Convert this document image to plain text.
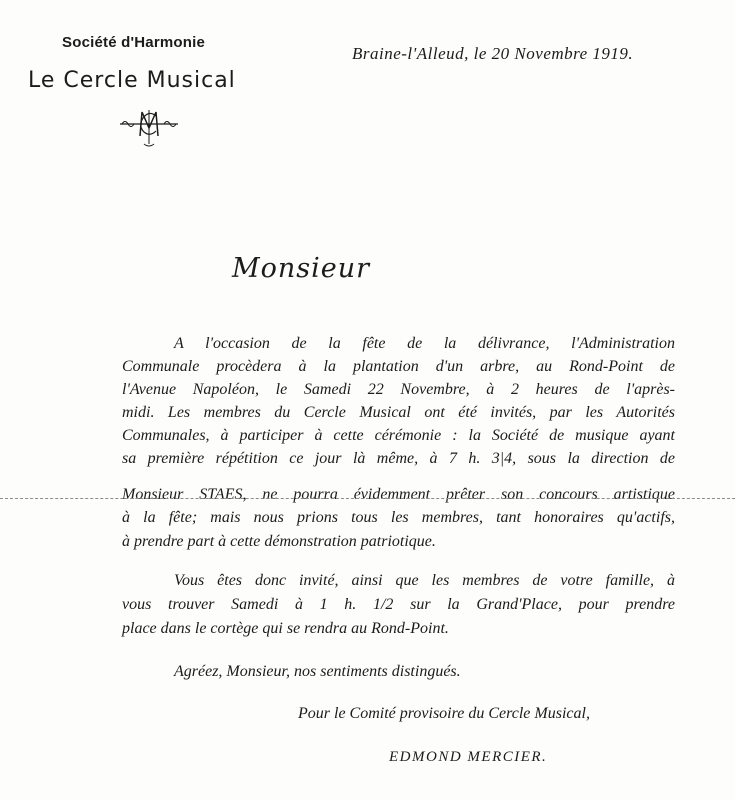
Société d'Harmonie
Le Cercle Musical
Braine-l'Alleud, le 20 Novembre 1919.
Monsieur
A l'occasion de la fête de la délivrance, l'Administration
Communale procèdera à la plantation d'un arbre, au Rond-Point de
l'Avenue Napoléon, le Samedi 22 Novembre, à 2 heures de l'après-
midi. Les membres du Cercle Musical ont été invités, par les Autorités
Communales, à participer à cette cérémonie : la Société de musique ayant
sa première répétition ce jour là même, à 7 h. 3|4, sous la direction de
Monsieur STAES, ne pourra évidemment prêter son concours artistique
à la fête; mais nous prions tous les membres, tant honoraires qu'actifs,
à prendre part à cette démonstration patriotique.
Vous êtes donc invité, ainsi que les membres de votre famille, à
vous trouver Samedi à 1 h. 1/2 sur la Grand'Place, pour prendre
place dans le cortège qui se rendra au Rond-Point.
Agréez, Monsieur, nos sentiments distingués.
Pour le Comité provisoire du Cercle Musical,
EDMOND MERCIER.
